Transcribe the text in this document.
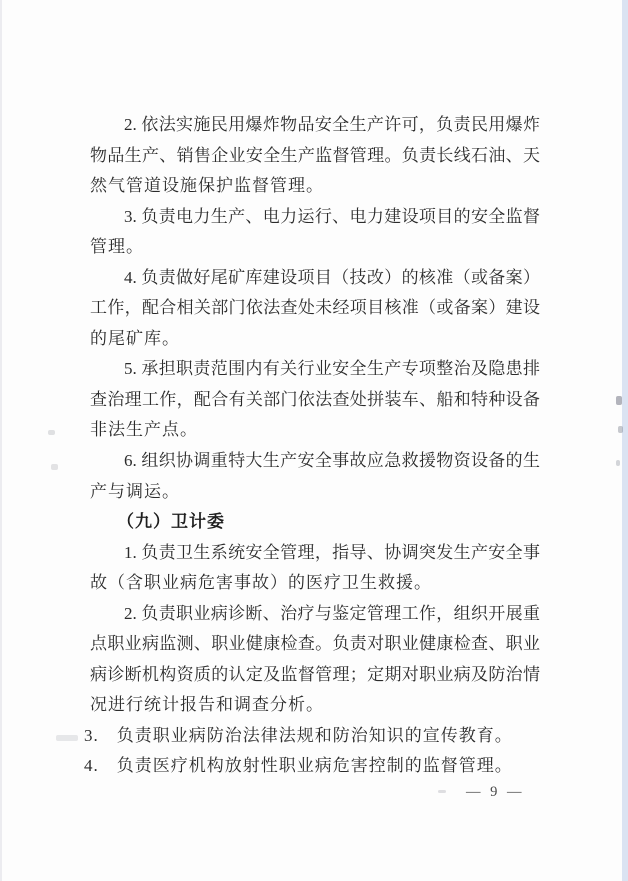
2. 依法实施民用爆炸物品安全生产许可，负责民用爆炸
物品生产、销售企业安全生产监督管理。负责长线石油、天
然气管道设施保护监督管理。
3. 负责电力生产、电力运行、电力建设项目的安全监督
管理。
4. 负责做好尾矿库建设项目（技改）的核准（或备案）
工作，配合相关部门依法查处未经项目核准（或备案）建设
的尾矿库。
5. 承担职责范围内有关行业安全生产专项整治及隐患排
查治理工作，配合有关部门依法查处拼装车、船和特种设备
非法生产点。
6. 组织协调重特大生产安全事故应急救援物资设备的生
产与调运。
（九）卫计委
1. 负责卫生系统安全管理，指导、协调突发生产安全事
故（含职业病危害事故）的医疗卫生救援。
2. 负责职业病诊断、治疗与鉴定管理工作，组织开展重
点职业病监测、职业健康检查。负责对职业健康检查、职业
病诊断机构资质的认定及监督管理；定期对职业病及防治情
况进行统计报告和调查分析。
3.　负责职业病防治法律法规和防治知识的宣传教育。
4.　负责医疗机构放射性职业病危害控制的监督管理。
— 9 —
